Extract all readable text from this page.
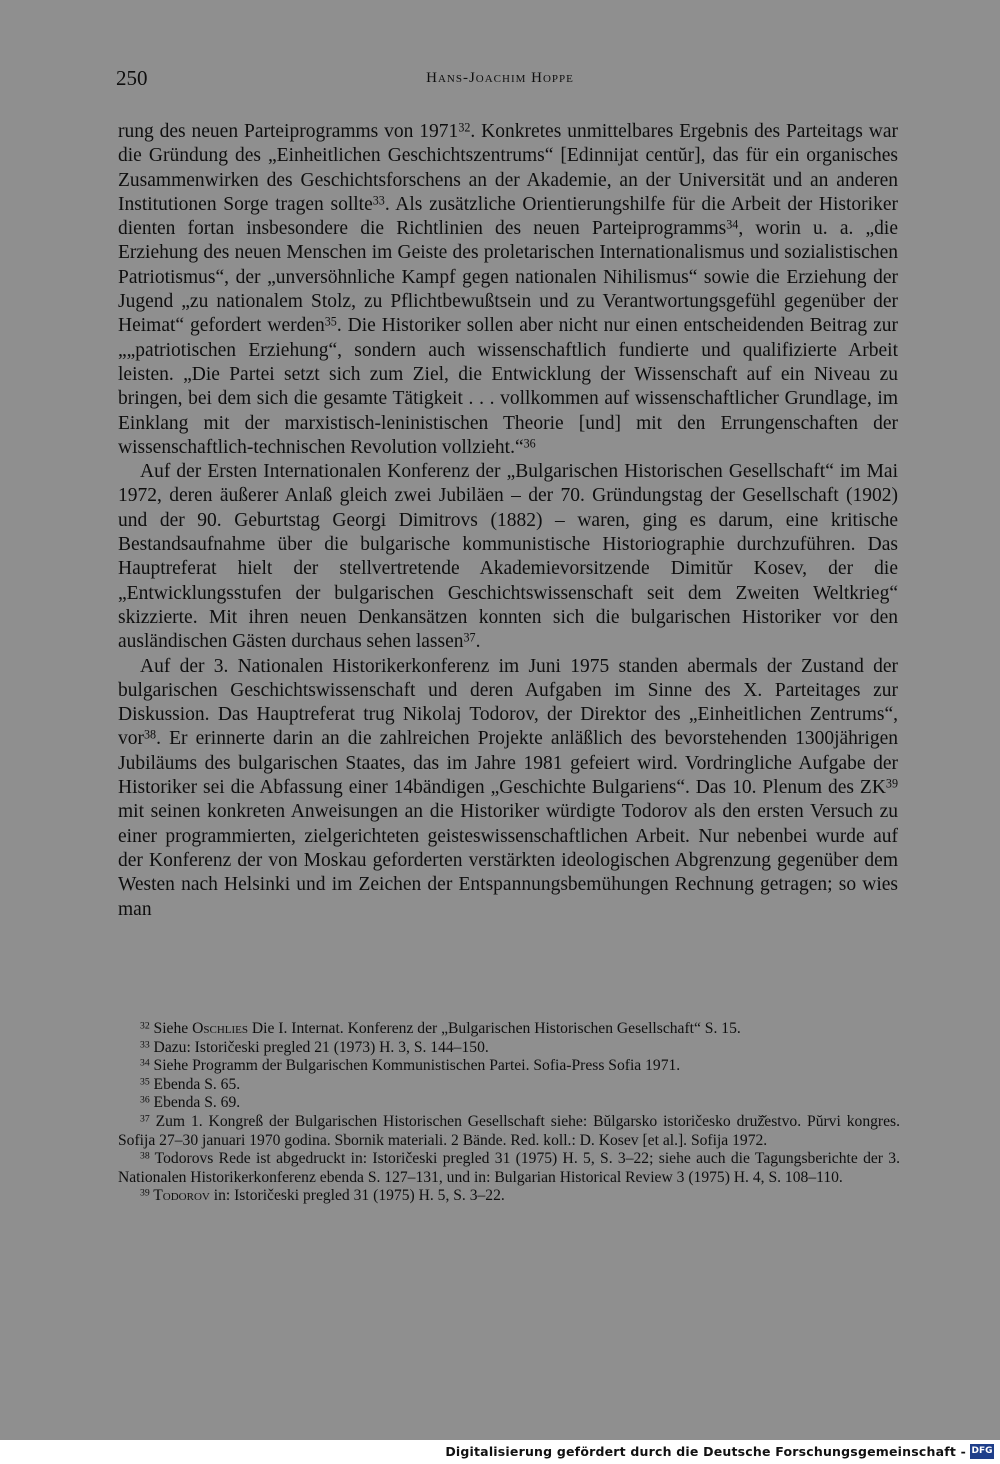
250	Hans-Joachim Hoppe

rung des neuen Parteiprogramms von 1971$^{32}$. Konkretes unmittelbares Ergebnis des Parteitags war die Gründung des „Einheitlichen Geschichtszentrums“ [Edinnijat centŭr], das für ein organisches Zusammenwirken des Geschichtsforschens an der Akademie, an der Universität und an anderen Institutionen Sorge tragen sollte$^{33}$. Als zusätzliche Orientierungshilfe für die Arbeit der Historiker dienten fortan insbesondere die Richtlinien des neuen Parteiprogramms$^{34}$, worin u. a. „die Erziehung des neuen Menschen im Geiste des proletarischen Internationalismus und sozialistischen Patriotismus“, der „unversöhnliche Kampf gegen nationalen Nihilismus“ sowie die Erziehung der Jugend „zu nationalem Stolz, zu Pflichtbewußtsein und zu Verantwortungsgefühl gegenüber der Heimat“ gefordert werden$^{35}$. Die Historiker sollen aber nicht nur einen entscheidenden Beitrag zur „„patriotischen Erziehung“, sondern auch wissenschaftlich fundierte und qualifizierte Arbeit leisten. „Die Partei setzt sich zum Ziel, die Entwicklung der Wissenschaft auf ein Niveau zu bringen, bei dem sich die gesamte Tätigkeit . . . vollkommen auf wissenschaftlicher Grundlage, im Einklang mit der marxistisch-leninistischen Theorie [und] mit den Errungenschaften der wissenschaftlich-technischen Revolution vollzieht.“$^{36}$

Auf der Ersten Internationalen Konferenz der „Bulgarischen Historischen Gesellschaft“ im Mai 1972, deren äußerer Anlaß gleich zwei Jubiläen – der 70. Gründungstag der Gesellschaft (1902) und der 90. Geburtstag Georgi Dimitrovs (1882) – waren, ging es darum, eine kritische Bestandsaufnahme über die bulgarische kommunistische Historiographie durchzuführen. Das Hauptreferat hielt der stellvertretende Akademievorsitzende Dimitŭr Kosev, der die „Entwicklungsstufen der bulgarischen Geschichtswissenschaft seit dem Zweiten Weltkrieg“ skizzierte. Mit ihren neuen Denkansätzen konnten sich die bulgarischen Historiker vor den ausländischen Gästen durchaus sehen lassen$^{37}$.

Auf der 3. Nationalen Historikerkonferenz im Juni 1975 standen abermals der Zustand der bulgarischen Geschichtswissenschaft und deren Aufgaben im Sinne des X. Parteitages zur Diskussion. Das Hauptreferat trug Nikolaj Todorov, der Direktor des „Einheitlichen Zentrums“, vor$^{38}$. Er erinnerte darin an die zahlreichen Projekte anläßlich des bevorstehenden 1300jährigen Jubiläums des bulgarischen Staates, das im Jahre 1981 gefeiert wird. Vordringliche Aufgabe der Historiker sei die Abfassung einer 14bändigen „Geschichte Bulgariens“. Das 10. Plenum des ZK$^{39}$ mit seinen konkreten Anweisungen an die Historiker würdigte Todorov als den ersten Versuch zu einer programmierten, zielgerichteten geisteswissenschaftlichen Arbeit. Nur nebenbei wurde auf der Konferenz der von Moskau geforderten verstärkten ideologischen Abgrenzung gegenüber dem Westen nach Helsinki und im Zeichen der Entspannungsbemühungen Rechnung getragen; so wies man

$^{32}$ Siehe Oschlies Die I. Internat. Konferenz der „Bulgarischen Historischen Gesellschaft“ S. 15.

$^{33}$ Dazu: Istoričeski pregled 21 (1973) H. 3, S. 144–150.

$^{34}$ Siehe Programm der Bulgarischen Kommunistischen Partei. Sofia-Press Sofia 1971.

$^{35}$ Ebenda S. 65.

$^{36}$ Ebenda S. 69.

$^{37}$ Zum 1. Kongreß der Bulgarischen Historischen Gesellschaft siehe: Bŭlgarsko istoričesko druž̌estvo. Pŭrvi kongres. Sofija 27–30 januari 1970 godina. Sbornik materiali. 2 Bände. Red. koll.: D. Kosev [et al.]. Sofija 1972.

$^{38}$ Todorovs Rede ist abgedruckt in: Istoričeski pregled 31 (1975) H. 5, S. 3–22; siehe auch die Tagungsberichte der 3. Nationalen Historikerkonferenz ebenda S. 127–131, und in: Bulgarian Historical Review 3 (1975) H. 4, S. 108–110.

$^{39}$ Todorov in: Istoričeski pregled 31 (1975) H. 5, S. 3–22.

Digitalisierung gefördert durch die Deutsche Forschungsgemeinschaft - DFG
